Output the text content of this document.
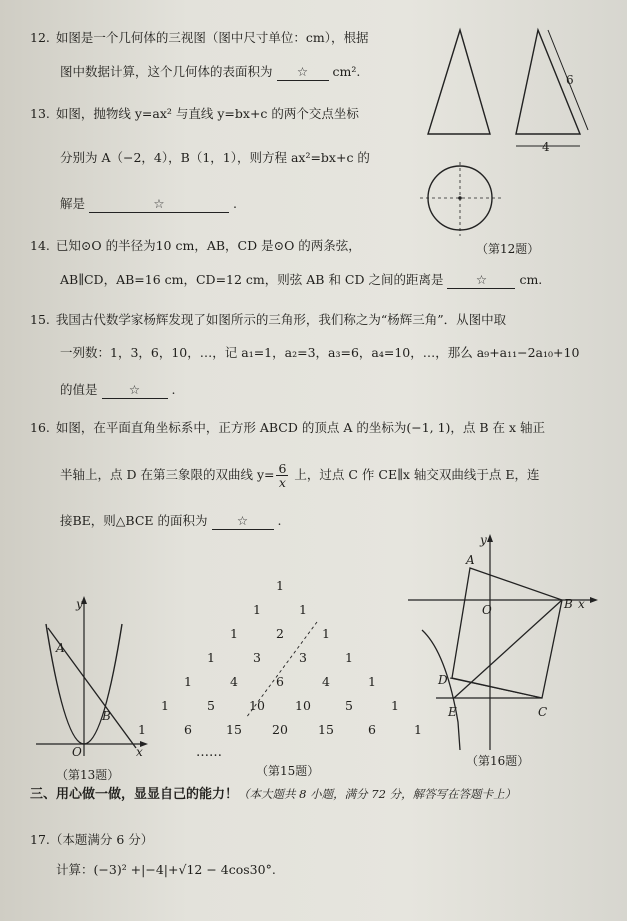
12. 如图是一个几何体的三视图（图中尺寸单位：cm），根据
图中数据计算，这个几何体的表面积为 ☆ cm².
13. 如图，抛物线 y=ax² 与直线 y=bx+c 的两个交点坐标
分别为 A（−2，4），B（1，1），则方程 ax²=bx+c 的
解是	☆	.
6
4
（第12题）
14. 已知⊙O 的半径为10 cm，AB，CD 是⊙O 的两条弦，
AB∥CD，AB=16 cm，CD=12 cm，则弦 AB 和 CD 之间的距离是	☆	cm.
15. 我国古代数学家杨辉发现了如图所示的三角形，我们称之为“杨辉三角”．从图中取
一列数：1，3，6，10，…，记 a₁=1，a₂=3，a₃=6，a₄=10，…，那么 a₉+a₁₁−2a₁₀+10
的值是	☆	.
16. 如图，在平面直角坐标系中，正方形 ABCD 的顶点 A 的坐标为(−1, 1)，点 B 在 x 轴正
半轴上，点 D 在第三象限的双曲线 $y= \frac{6}{x}$ 上，过点 C 作 CE∥x 轴交双曲线于点 E，连
接BE，则△BCE 的面积为 ☆ .
y
x
A
B
O
（第13题）
1
1	1
1	2	1
1	3	3	1
1	4	6	4	1
1	5	10	10	5	1
1	6	15	20	15	6	1
……
（第15题）
y
x
A
B
O
D
E	C
（第16题）
三、用心做一做，显显自己的能力！（本大题共 8 小题，满分 72 分，解答写在答题卡上）
17.（本题满分 6 分）
计算：(−3)² +|−4|+√12 − 4cos30°.
